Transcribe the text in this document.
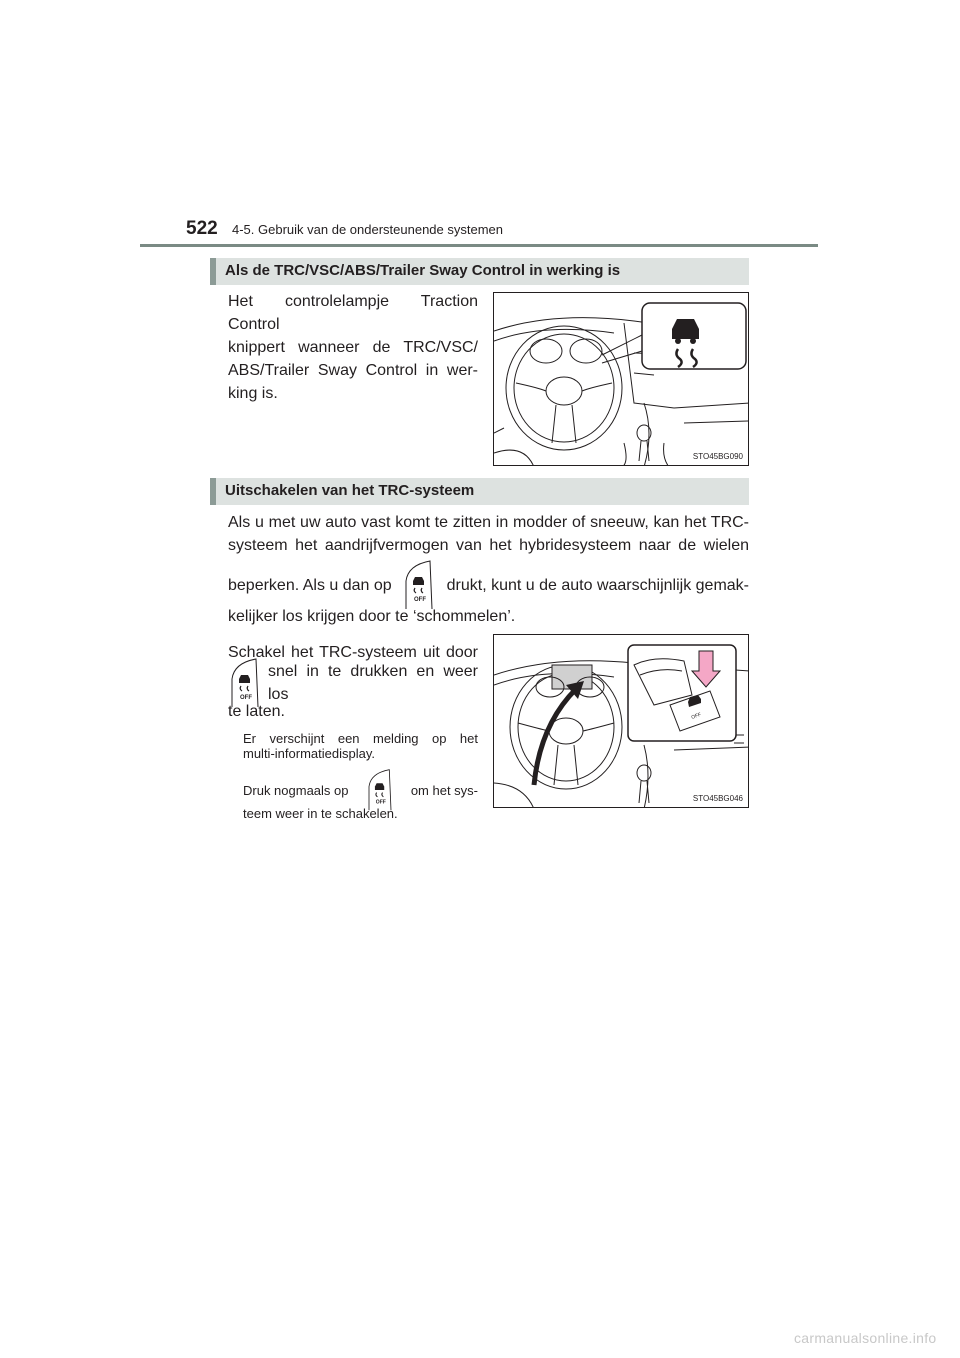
522 4-5. Gebruik van de ondersteunende systemen
Als de TRC/VSC/ABS/Trailer Sway Control in werking is
Het controlelampje Traction Control
knippert wanneer de TRC/VSC/
ABS/Trailer Sway Control in wer-
king is.
STO45BG090
Uitschakelen van het TRC-systeem
Als u met uw auto vast komt te zitten in modder of sneeuw, kan het TRC-
systeem het aandrijfvermogen van het hybridesysteem naar de wielen
beperken. Als u dan op
OFF
drukt, kunt u de auto waarschijnlijk gemak-
kelijker los krijgen door te ‘schommelen’.
Schakel het TRC-systeem uit door
OFF
snel in te drukken en weer los
te laten.
Er verschijnt een melding op het
multi-informatiedisplay.
Druk nogmaals op
OFF
om het sys-
teem weer in te schakelen.
OFF
STO45BG046
carmanualsonline.info
